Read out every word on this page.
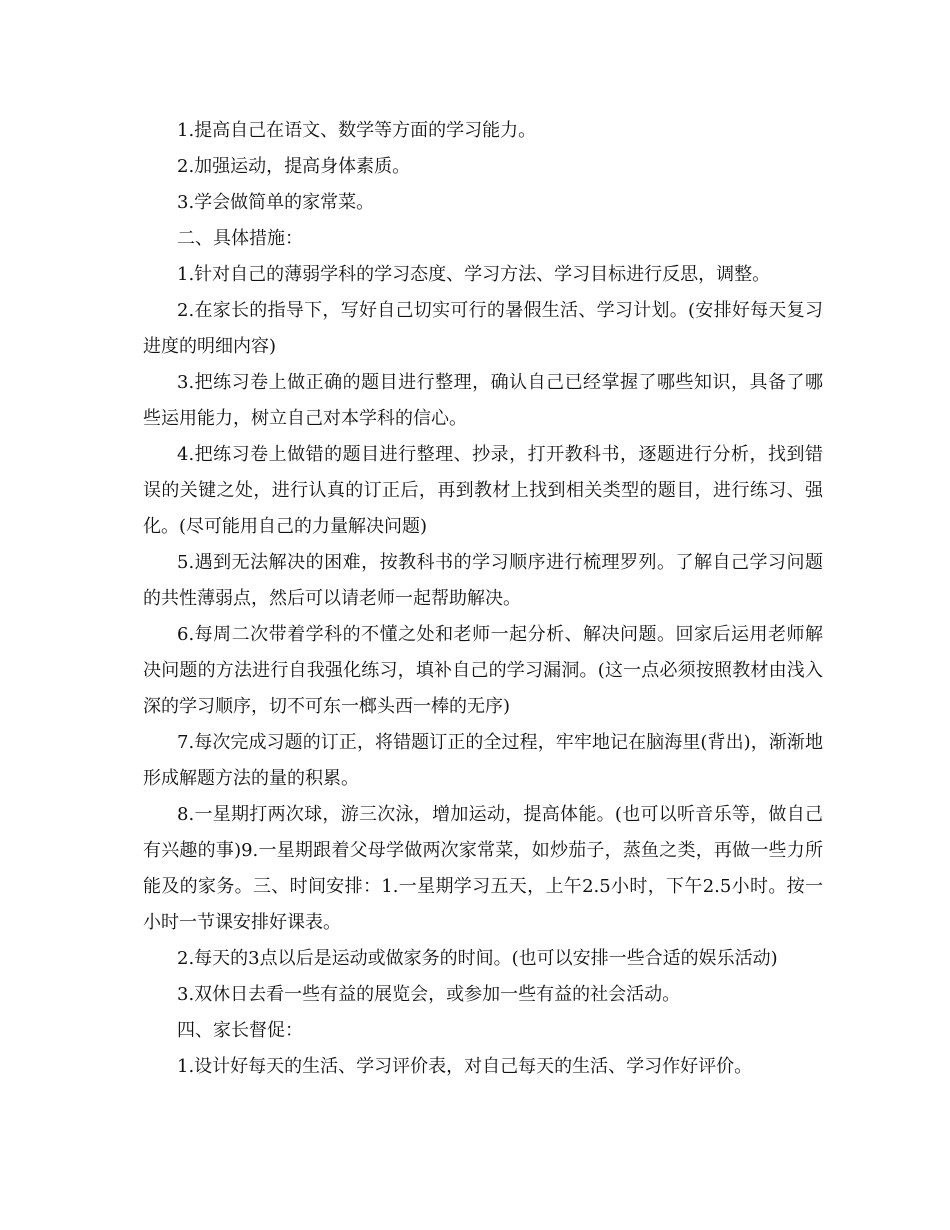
1.提高自己在语文、数学等方面的学习能力。

2.加强运动，提高身体素质。

3.学会做简单的家常菜。

二、具体措施：

1.针对自己的薄弱学科的学习态度、学习方法、学习目标进行反思，调整。

2.在家长的指导下，写好自己切实可行的暑假生活、学习计划。(安排好每天复习进度的明细内容)

3.把练习卷上做正确的题目进行整理，确认自己已经掌握了哪些知识，具备了哪些运用能力，树立自己对本学科的信心。

4.把练习卷上做错的题目进行整理、抄录，打开教科书，逐题进行分析，找到错误的关键之处，进行认真的订正后，再到教材上找到相关类型的题目，进行练习、强化。(尽可能用自己的力量解决问题)

5.遇到无法解决的困难，按教科书的学习顺序进行梳理罗列。了解自己学习问题的共性薄弱点，然后可以请老师一起帮助解决。

6.每周二次带着学科的不懂之处和老师一起分析、解决问题。回家后运用老师解决问题的方法进行自我强化练习，填补自己的学习漏洞。(这一点必须按照教材由浅入深的学习顺序，切不可东一榔头西一棒的无序)

7.每次完成习题的订正，将错题订正的全过程，牢牢地记在脑海里(背出)，渐渐地形成解题方法的量的积累。

8.一星期打两次球，游三次泳，增加运动，提高体能。(也可以听音乐等，做自己有兴趣的事)9.一星期跟着父母学做两次家常菜，如炒茄子，蒸鱼之类，再做一些力所能及的家务。三、时间安排：1.一星期学习五天，上午2.5小时，下午2.5小时。按一小时一节课安排好课表。

2.每天的3点以后是运动或做家务的时间。(也可以安排一些合适的娱乐活动)

3.双休日去看一些有益的展览会，或参加一些有益的社会活动。

四、家长督促：

1.设计好每天的生活、学习评价表，对自己每天的生活、学习作好评价。
